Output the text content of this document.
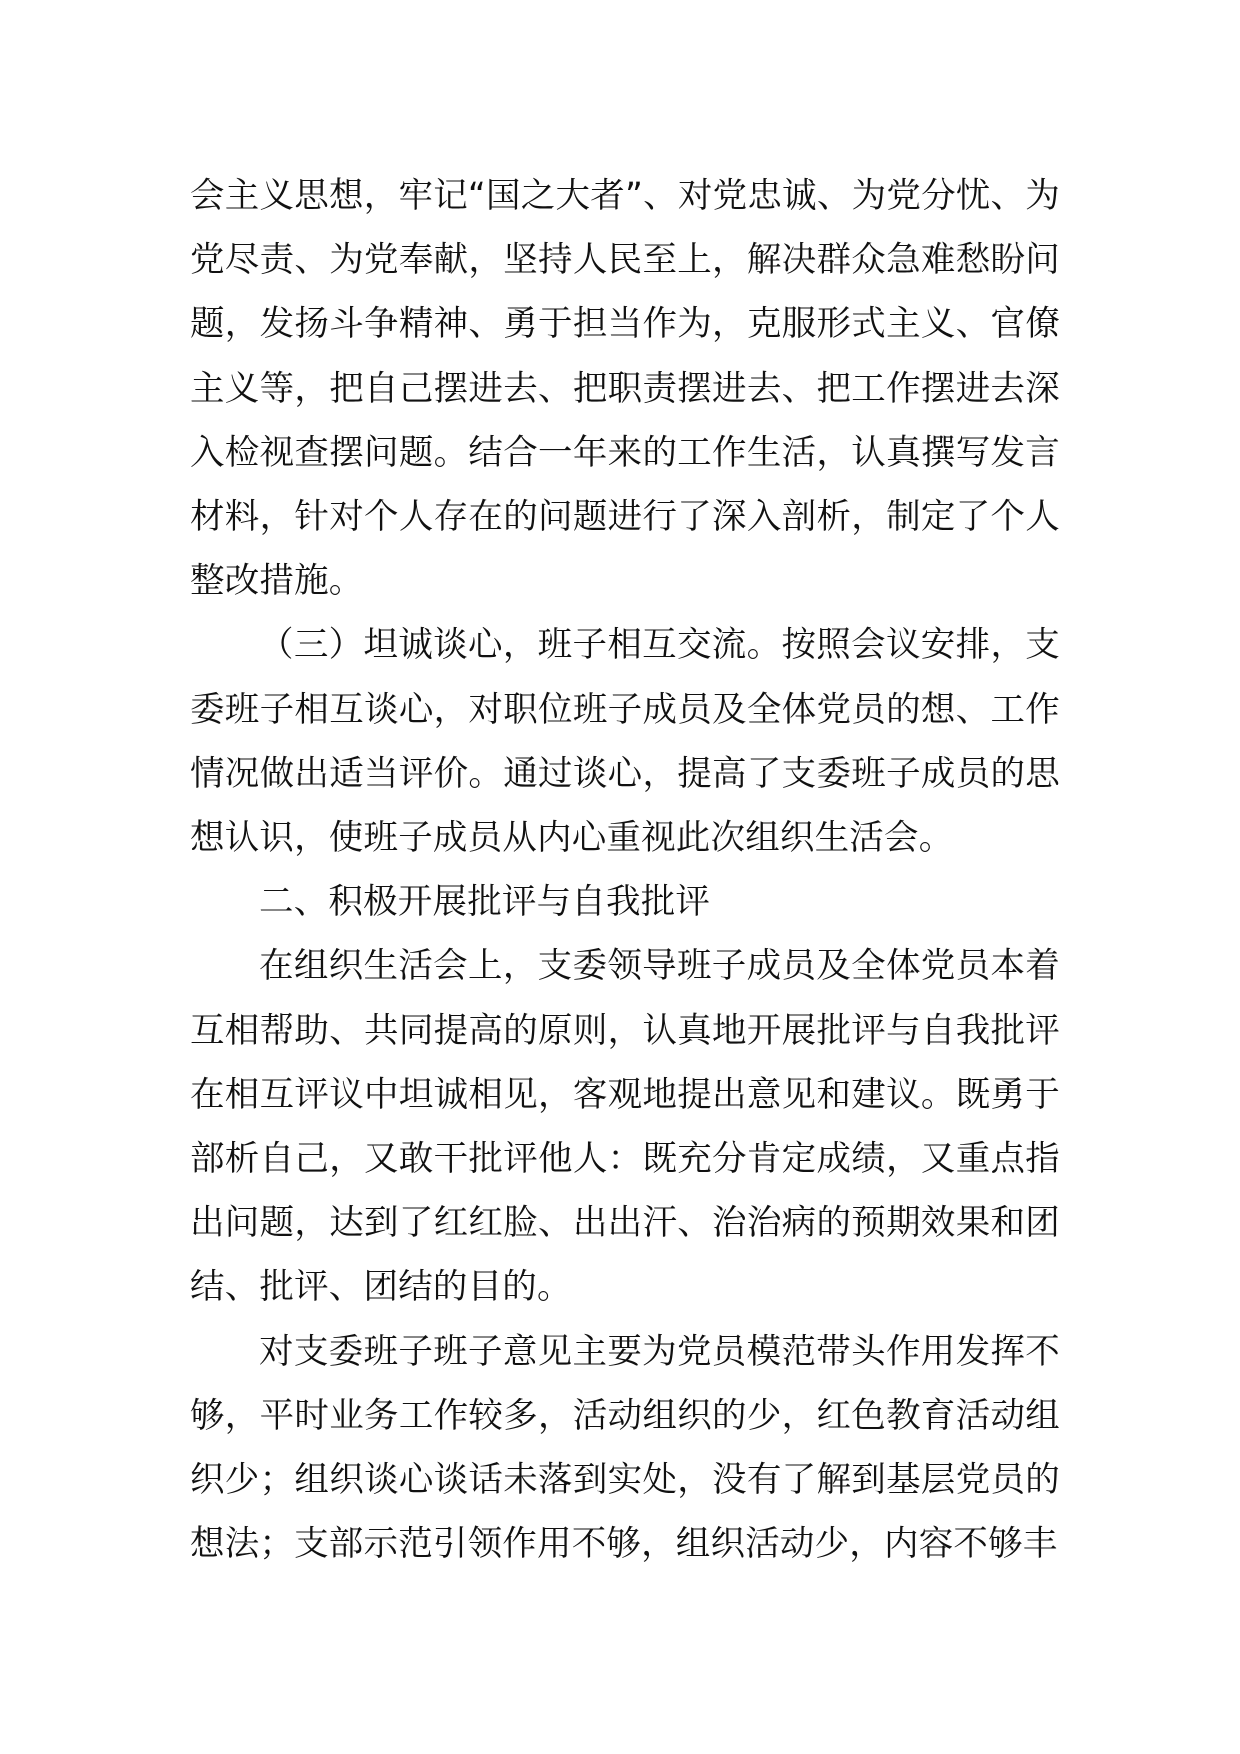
会主义思想，牢记“国之大者”、对党忠诚、为党分忧、为党尽责、为党奉献，坚持人民至上，解决群众急难愁盼问题，发扬斗争精神、勇于担当作为，克服形式主义、官僚主义等，把自己摆进去、把职责摆进去、把工作摆进去深入检视查摆问题。结合一年来的工作生活，认真撰写发言材料，针对个人存在的问题进行了深入剖析，制定了个人整改措施。

（三）坦诚谈心，班子相互交流。按照会议安排，支委班子相互谈心，对职位班子成员及全体党员的想、工作情况做出适当评价。通过谈心，提高了支委班子成员的思想认识，使班子成员从内心重视此次组织生活会。

二、积极开展批评与自我批评

在组织生活会上，支委领导班子成员及全体党员本着互相帮助、共同提高的原则，认真地开展批评与自我批评在相互评议中坦诚相见，客观地提出意见和建议。既勇于部析自己，又敢干批评他人：既充分肯定成绩，又重点指出问题，达到了红红脸、出出汗、治治病的预期效果和团结、批评、团结的目的。

对支委班子班子意见主要为党员模范带头作用发挥不够，平时业务工作较多，活动组织的少，红色教育活动组织少；组织谈心谈话未落到实处，没有了解到基层党员的想法；支部示范引领作用不够，组织活动少，内容不够丰
